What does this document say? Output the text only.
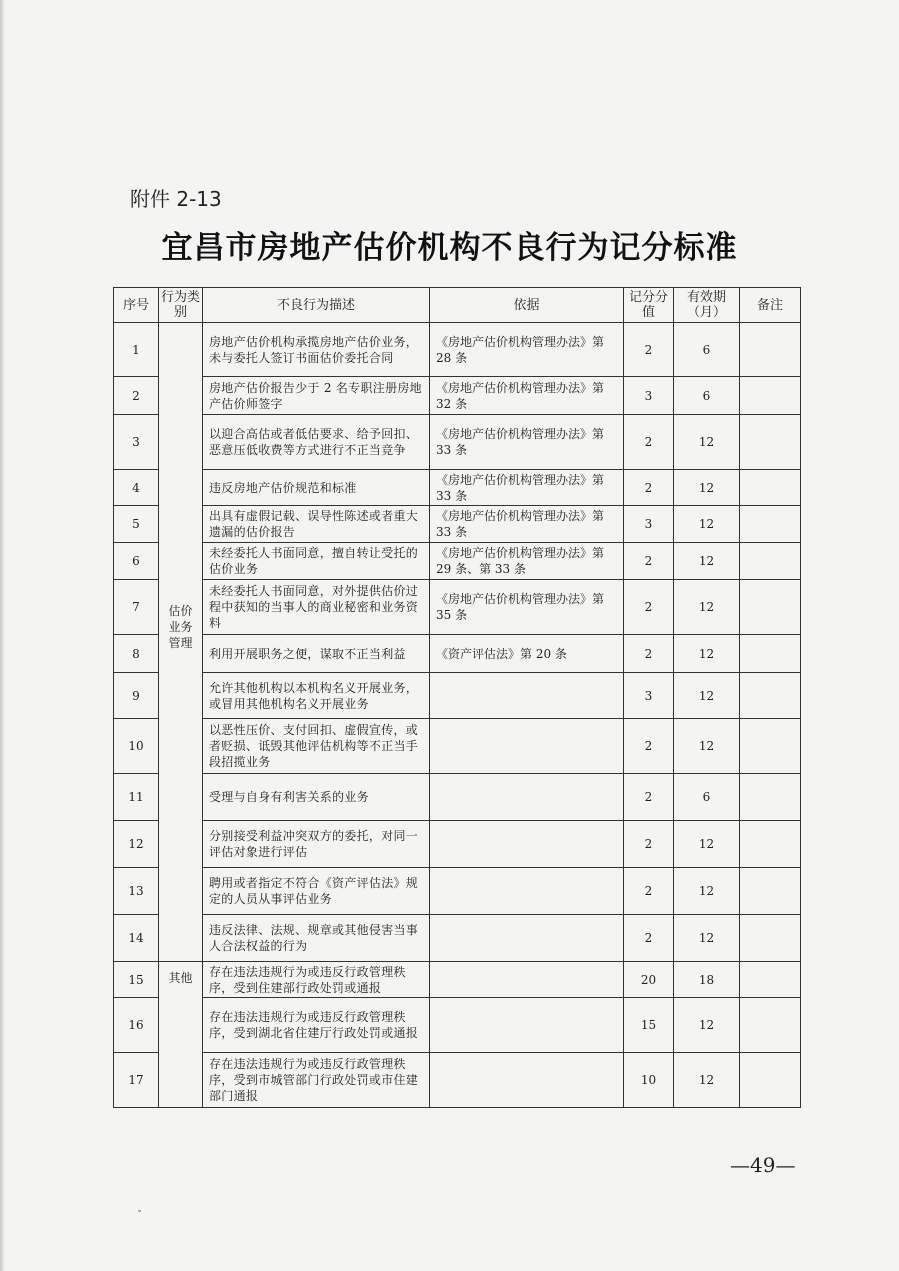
附件 2-13
宜昌市房地产估价机构不良行为记分标准
序号	行为类别	不良行为描述	依据	记分分值	有效期（月）	备注
1	估价业务管理	房地产估价机构承揽房地产估价业务，未与委托人签订书面估价委托合同	《房地产估价机构管理办法》第 28 条	2	6	
2		房地产估价报告少于 2 名专职注册房地产估价师签字	《房地产估价机构管理办法》第 32 条	3	6	
3		以迎合高估或者低估要求、给予回扣、恶意压低收费等方式进行不正当竞争	《房地产估价机构管理办法》第 33 条	2	12	
4		违反房地产估价规范和标准	《房地产估价机构管理办法》第 33 条	2	12	
5		出具有虚假记载、误导性陈述或者重大遗漏的估价报告	《房地产估价机构管理办法》第 33 条	3	12	
6		未经委托人书面同意，擅自转让受托的估价业务	《房地产估价机构管理办法》第 29 条、第 33 条	2	12	
7		未经委托人书面同意，对外提供估价过程中获知的当事人的商业秘密和业务资料	《房地产估价机构管理办法》第 35 条	2	12	
8		利用开展职务之便，谋取不正当利益	《资产评估法》第 20 条	2	12	
9		允许其他机构以本机构名义开展业务，或冒用其他机构名义开展业务		3	12	
10		以恶性压价、支付回扣、虚假宣传，或者贬损、诋毁其他评估机构等不正当手段招揽业务		2	12	
11		受理与自身有利害关系的业务		2	6	
12		分别接受利益冲突双方的委托，对同一评估对象进行评估		2	12	
13		聘用或者指定不符合《资产评估法》规定的人员从事评估业务		2	12	
14		违反法律、法规、规章或其他侵害当事人合法权益的行为		2	12	
15	其他	存在违法违规行为或违反行政管理秩序，受到住建部行政处罚或通报		20	18	
16		存在违法违规行为或违反行政管理秩序，受到湖北省住建厅行政处罚或通报		15	12	
17		存在违法违规行为或违反行政管理秩序，受到市城管部门行政处罚或市住建部门通报		10	12	
—49—
